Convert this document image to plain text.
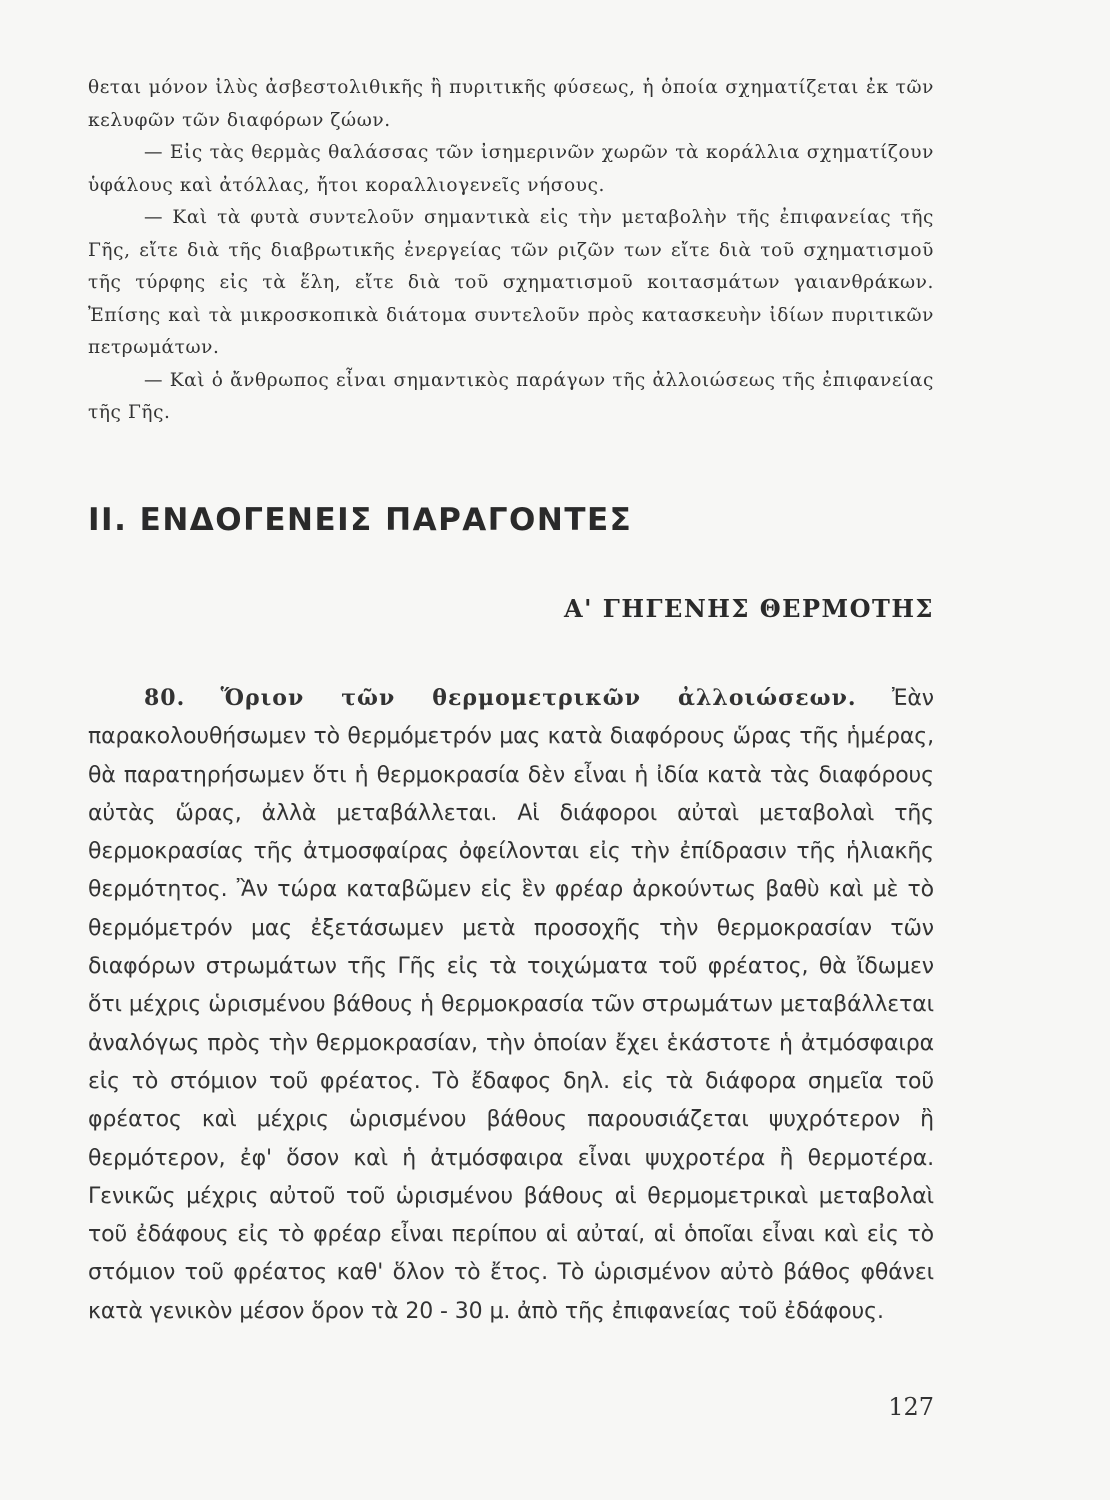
θεται μόνον ἰλὺς ἀσβεστολιθικῆς ἢ πυριτικῆς φύσεως, ἡ ὁποία σχηματίζεται ἐκ τῶν κελυφῶν τῶν διαφόρων ζώων.

— Εἰς τὰς θερμὰς θαλάσσας τῶν ἰσημερινῶν χωρῶν τὰ κοράλλια σχηματίζουν ὑφάλους καὶ ἀτόλλας, ἤτοι κοραλλιογενεῖς νήσους.

— Καὶ τὰ φυτὰ συντελοῦν σημαντικὰ εἰς τὴν μεταβολὴν τῆς ἐπιφανείας τῆς Γῆς, εἴτε διὰ τῆς διαβρωτικῆς ἐνεργείας τῶν ριζῶν των εἴτε διὰ τοῦ σχηματισμοῦ τῆς τύρφης εἰς τὰ ἕλη, εἴτε διὰ τοῦ σχηματισμοῦ κοιτασμάτων γαιανθράκων. Ἐπίσης καὶ τὰ μικροσκοπικὰ διάτομα συντελοῦν πρὸς κατασκευὴν ἰδίων πυριτικῶν πετρωμάτων.

— Καὶ ὁ ἄνθρωπος εἶναι σημαντικὸς παράγων τῆς ἀλλοιώσεως τῆς ἐπιφανείας τῆς Γῆς.

ΙΙ. ΕΝΔΟΓΕΝΕΙΣ ΠΑΡΑΓΟΝΤΕΣ
Α' ΓΗΓΕΝΗΣ ΘΕΡΜΟΤΗΣ

80. Ὅριον τῶν θερμομετρικῶν ἀλλοιώσεων. Ἐὰν παρακολουθήσωμεν τὸ θερμόμετρόν μας κατὰ διαφόρους ὥρας τῆς ἡμέρας, θὰ παρατηρήσωμεν ὅτι ἡ θερμοκρασία δὲν εἶναι ἡ ἰδία κατὰ τὰς διαφόρους αὐτὰς ὥρας, ἀλλὰ μεταβάλλεται. Αἱ διάφοροι αὐταὶ μεταβολαὶ τῆς θερμοκρασίας τῆς ἀτμοσφαίρας ὀφείλονται εἰς τὴν ἐπίδρασιν τῆς ἡλιακῆς θερμότητος. Ἂν τώρα καταβῶμεν εἰς ἓν φρέαρ ἀρκούντως βαθὺ καὶ μὲ τὸ θερμόμετρόν μας ἐξετάσωμεν μετὰ προσοχῆς τὴν θερμοκρασίαν τῶν διαφόρων στρωμάτων τῆς Γῆς εἰς τὰ τοιχώματα τοῦ φρέατος, θὰ ἴδωμεν ὅτι μέχρις ὡρισμένου βάθους ἡ θερμοκρασία τῶν στρωμάτων μεταβάλλεται ἀναλόγως πρὸς τὴν θερμοκρασίαν, τὴν ὁποίαν ἔχει ἑκάστοτε ἡ ἀτμόσφαιρα εἰς τὸ στόμιον τοῦ φρέατος. Τὸ ἔδαφος δηλ. εἰς τὰ διάφορα σημεῖα τοῦ φρέατος καὶ μέχρις ὡρισμένου βάθους παρουσιάζεται ψυχρότερον ἢ θερμότερον, ἐφ' ὅσον καὶ ἡ ἀτμόσφαιρα εἶναι ψυχροτέρα ἢ θερμοτέρα. Γενικῶς μέχρις αὐτοῦ τοῦ ὡρισμένου βάθους αἱ θερμομετρικαὶ μεταβολαὶ τοῦ ἐδάφους εἰς τὸ φρέαρ εἶναι περίπου αἱ αὐταί, αἱ ὁποῖαι εἶναι καὶ εἰς τὸ στόμιον τοῦ φρέατος καθ' ὅλον τὸ ἔτος. Τὸ ὡρισμένον αὐτὸ βάθος φθάνει κατὰ γενικὸν μέσον ὅρον τὰ 20 - 30 μ. ἀπὸ τῆς ἐπιφανείας τοῦ ἐδάφους.

127
